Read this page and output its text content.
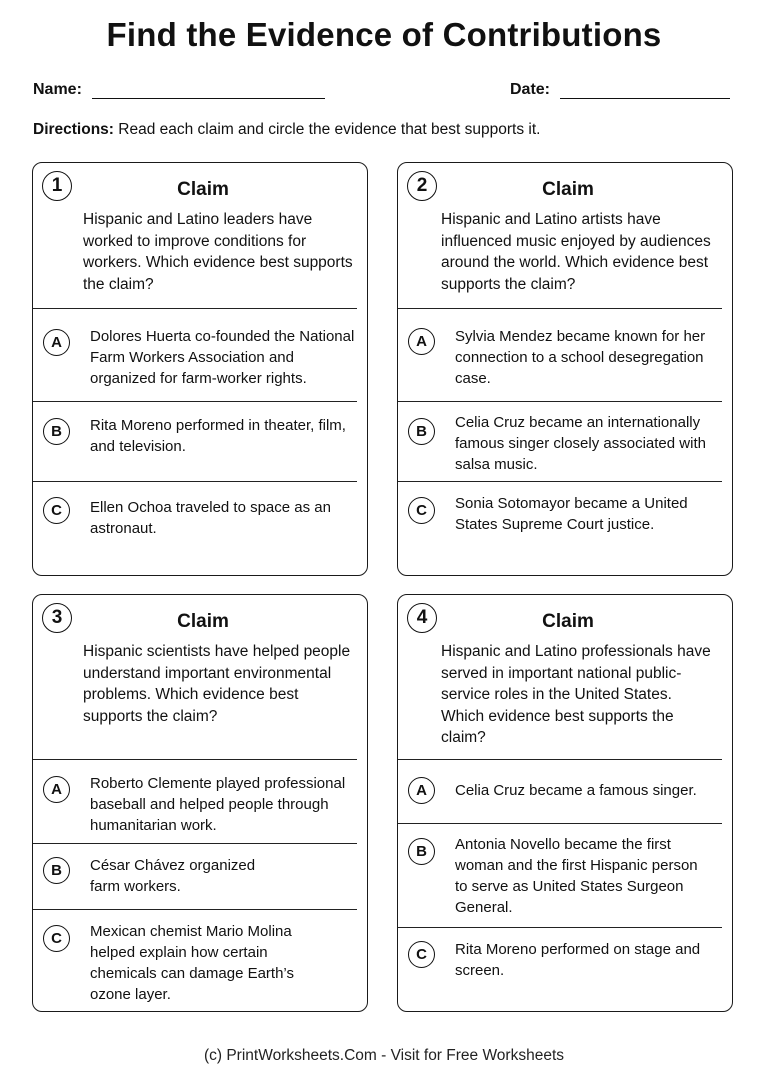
Find the Evidence of Contributions
Name:	Date:
Directions: Read each claim and circle the evidence that best supports it.
1	Claim
Hispanic and Latino leaders have worked to improve conditions for workers. Which evidence best supports the claim?
A	Dolores Huerta co-founded the National Farm Workers Association and organized for farm-worker rights.
B	Rita Moreno performed in theater, film, and television.
C	Ellen Ochoa traveled to space as an astronaut.
2	Claim
Hispanic and Latino artists have influenced music enjoyed by audiences around the world. Which evidence best supports the claim?
A	Sylvia Mendez became known for her connection to a school desegregation case.
B
Celia Cruz became an internationally famous singer closely associated with salsa music.
C	Sonia Sotomayor became a United States Supreme Court justice.
3	Claim
Hispanic scientists have helped people understand important environmental problems. Which evidence best supports the claim?
A	Roberto Clemente played professional baseball and helped people through humanitarian work.
B	César Chávez organized farm workers.
C	Mexican chemist Mario Molina helped explain how certain chemicals can damage Earth’s ozone layer.
4	Claim
Hispanic and Latino professionals have served in important national public-service roles in the United States. Which evidence best supports the claim?
A	Celia Cruz became a famous singer.
B	Antonia Novello became the first woman and the first Hispanic person to serve as United States Surgeon General.
C	Rita Moreno performed on stage and screen.
(c) PrintWorksheets.Com - Visit for Free Worksheets
